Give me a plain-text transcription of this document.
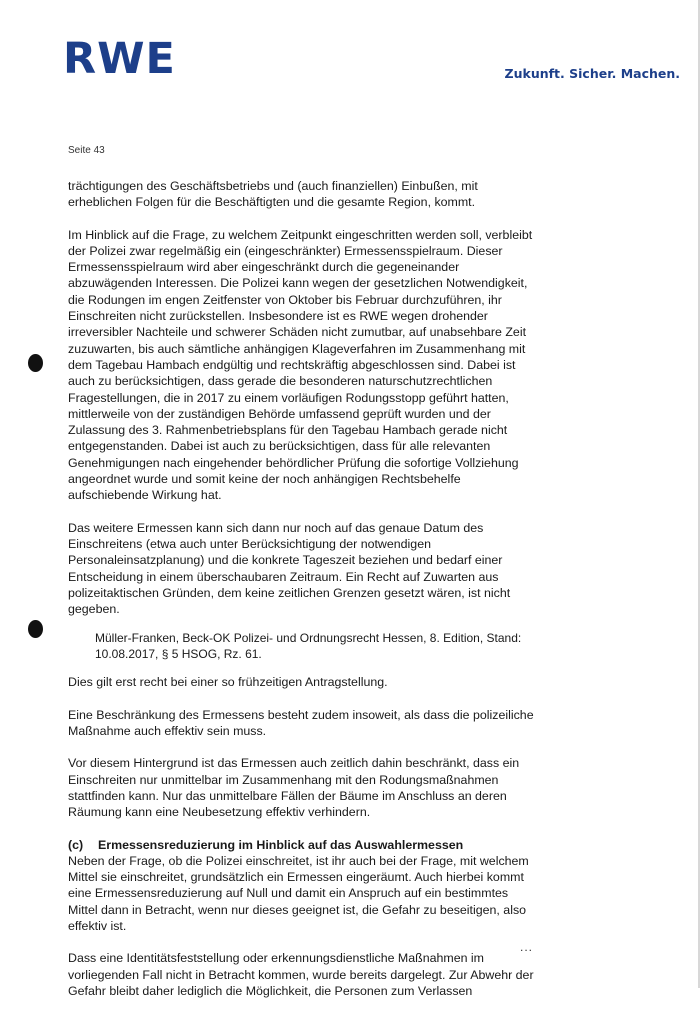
RWE	Zukunft. Sicher. Machen.
Seite 43

trächtigungen des Geschäftsbetriebs und (auch finanziellen) Einbußen, mit erheblichen Folgen für die Beschäftigten und die gesamte Region, kommt.

Im Hinblick auf die Frage, zu welchem Zeitpunkt eingeschritten werden soll, verbleibt der Polizei zwar regelmäßig ein (eingeschränkter) Ermessensspielraum. Dieser Ermessensspielraum wird aber eingeschränkt durch die gegeneinander abzuwägenden Interessen. Die Polizei kann wegen der gesetzlichen Notwendigkeit, die Rodungen im engen Zeitfenster von Oktober bis Februar durchzuführen, ihr Einschreiten nicht zurückstellen. Insbesondere ist es RWE wegen drohender irreversibler Nachteile und schwerer Schäden nicht zumutbar, auf unabsehbare Zeit zuzuwarten, bis auch sämtliche anhängigen Klageverfahren im Zusammenhang mit dem Tagebau Hambach endgültig und rechtskräftig abgeschlossen sind. Dabei ist auch zu berücksichtigen, dass gerade die besonderen naturschutzrechtlichen Fragestellungen, die in 2017 zu einem vorläufigen Rodungsstopp geführt hatten, mittlerweile von der zuständigen Behörde umfassend geprüft wurden und der Zulassung des 3. Rahmenbetriebsplans für den Tagebau Hambach gerade nicht entgegenstanden. Dabei ist auch zu berücksichtigen, dass für alle relevanten Genehmigungen nach eingehender behördlicher Prüfung die sofortige Vollziehung angeordnet wurde und somit keine der noch anhängigen Rechtsbehelfe aufschiebende Wirkung hat.

Das weitere Ermessen kann sich dann nur noch auf das genaue Datum des Einschreitens (etwa auch unter Berücksichtigung der notwendigen Personaleinsatzplanung) und die konkrete Tageszeit beziehen und bedarf einer Entscheidung in einem überschaubaren Zeitraum. Ein Recht auf Zuwarten aus polizeitaktischen Gründen, dem keine zeitlichen Grenzen gesetzt wären, ist nicht gegeben.

Müller-Franken, Beck-OK Polizei- und Ordnungsrecht Hessen, 8. Edition, Stand: 10.08.2017, § 5 HSOG, Rz. 61.

Dies gilt erst recht bei einer so frühzeitigen Antragstellung.

Eine Beschränkung des Ermessens besteht zudem insoweit, als dass die polizeiliche Maßnahme auch effektiv sein muss.

Vor diesem Hintergrund ist das Ermessen auch zeitlich dahin beschränkt, dass ein Einschreiten nur unmittelbar im Zusammenhang mit den Rodungsmaßnahmen stattfinden kann. Nur das unmittelbare Fällen der Bäume im Anschluss an deren Räumung kann eine Neubesetzung effektiv verhindern.

(c) Ermessensreduzierung im Hinblick auf das Auswahlermessen

Neben der Frage, ob die Polizei einschreitet, ist ihr auch bei der Frage, mit welchem Mittel sie einschreitet, grundsätzlich ein Ermessen eingeräumt. Auch hierbei kommt eine Ermessensreduzierung auf Null und damit ein Anspruch auf ein bestimmtes Mittel dann in Betracht, wenn nur dieses geeignet ist, die Gefahr zu beseitigen, also effektiv ist.

Dass eine Identitätsfeststellung oder erkennungsdienstliche Maßnahmen im vorliegenden Fall nicht in Betracht kommen, wurde bereits dargelegt. Zur Abwehr der Gefahr bleibt daher lediglich die Möglichkeit, die Personen zum Verlassen

...
